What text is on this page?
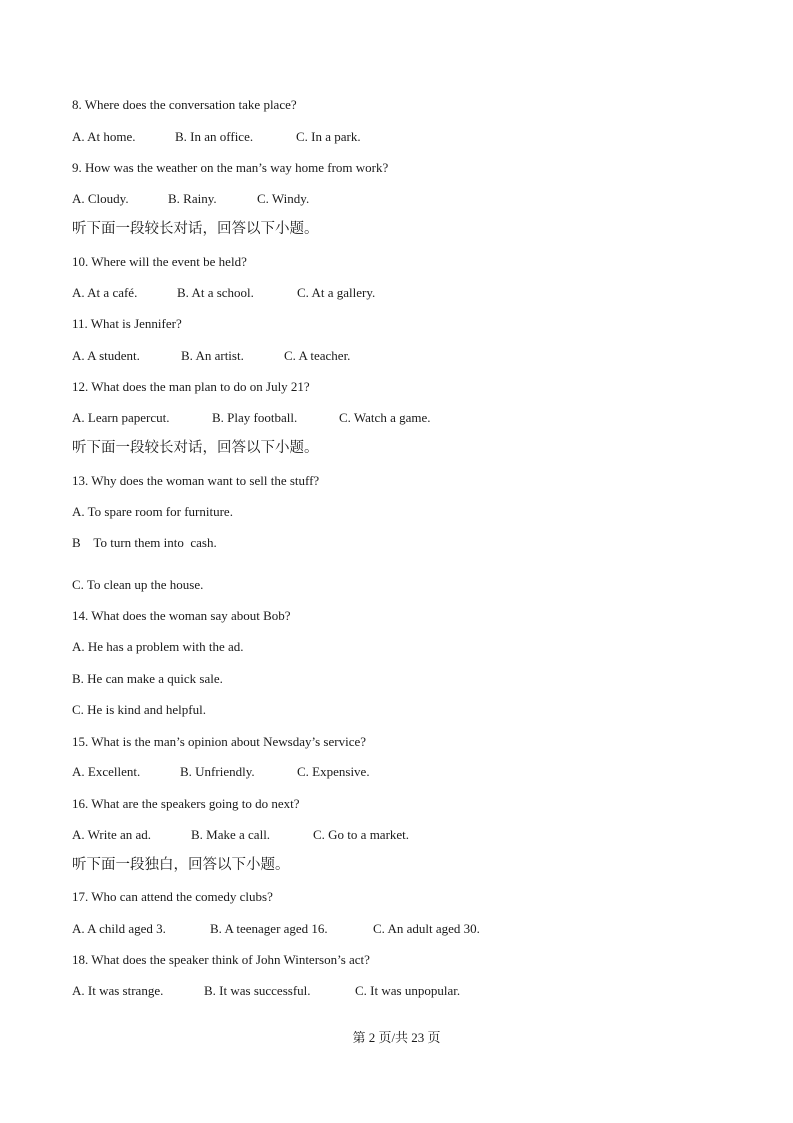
8. Where does the conversation take place?
A. At home.	B. In an office.	C. In a park.
9. How was the weather on the man’s way home from work?
A. Cloudy.	B. Rainy.	C. Windy.
听下面一段较长对话，回答以下小题。
10. Where will the event be held?
A. At a café.	B. At a school.	C. At a gallery.
11. What is Jennifer?
A. A student.	B. An artist.	C. A teacher.
12. What does the man plan to do on July 21?
A. Learn papercut.	B. Play football.	C. Watch a game.
听下面一段较长对话，回答以下小题。
13. Why does the woman want to sell the stuff?
A. To spare room for furniture.
B    To turn them into  cash.
C. To clean up the house.
14. What does the woman say about Bob?
A. He has a problem with the ad.
B. He can make a quick sale.
C. He is kind and helpful.
15. What is the man’s opinion about Newsday’s service?
A. Excellent.	B. Unfriendly.	C. Expensive.
16. What are the speakers going to do next?
A. Write an ad.	B. Make a call.	C. Go to a market.
听下面一段独白，回答以下小题。
17. Who can attend the comedy clubs?
A. A child aged 3.	B. A teenager aged 16.	C. An adult aged 30.
18. What does the speaker think of John Winterson’s act?
A. It was strange.	B. It was successful.	C. It was unpopular.
第 2 页/共 23 页
